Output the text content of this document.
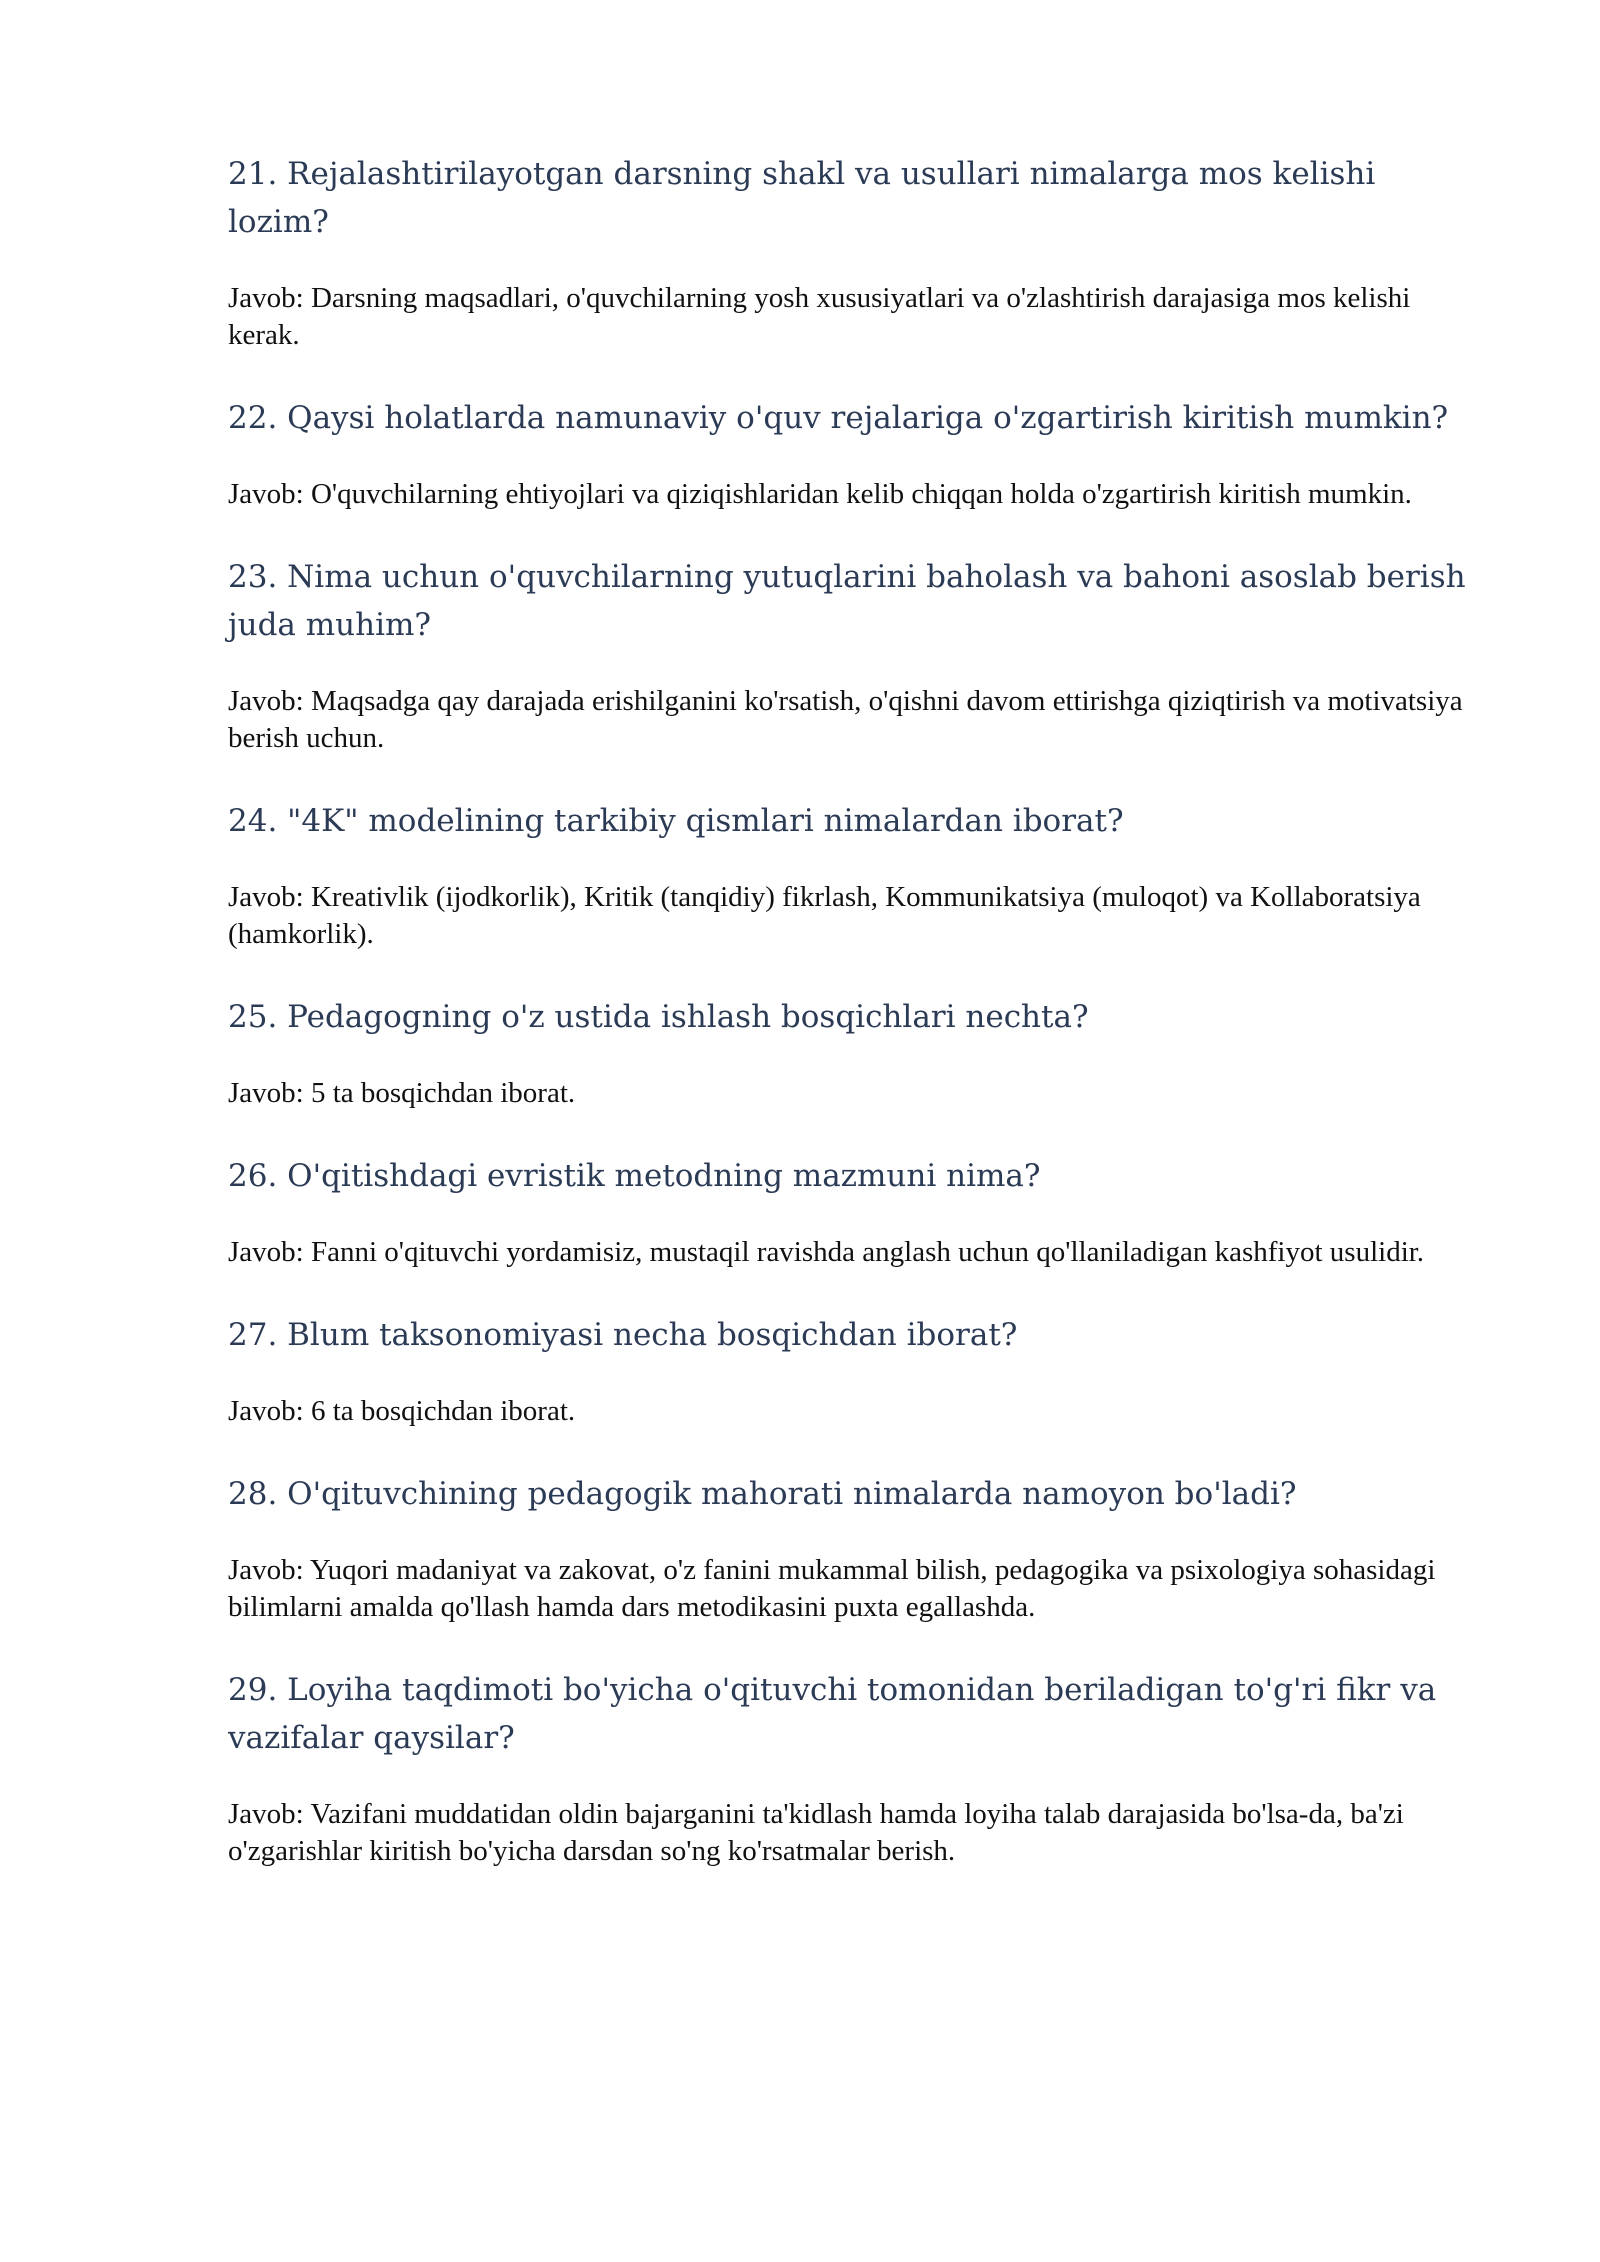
21. Rejalashtirilayotgan darsning shakl va usullari nimalarga mos kelishi lozim?

Javob: Darsning maqsadlari, o'quvchilarning yosh xususiyatlari va o'zlashtirish darajasiga mos kelishi kerak.

22. Qaysi holatlarda namunaviy o'quv rejalariga o'zgartirish kiritish mumkin?

Javob: O'quvchilarning ehtiyojlari va qiziqishlaridan kelib chiqqan holda o'zgartirish kiritish mumkin.

23. Nima uchun o'quvchilarning yutuqlarini baholash va bahoni asoslab berish juda muhim?

Javob: Maqsadga qay darajada erishilganini ko'rsatish, o'qishni davom ettirishga qiziqtirish va motivatsiya berish uchun.

24. "4K" modelining tarkibiy qismlari nimalardan iborat?

Javob: Kreativlik (ijodkorlik), Kritik (tanqidiy) fikrlash, Kommunikatsiya (muloqot) va Kollaboratsiya (hamkorlik).

25. Pedagogning o'z ustida ishlash bosqichlari nechta?

Javob: 5 ta bosqichdan iborat.

26. O'qitishdagi evristik metodning mazmuni nima?

Javob: Fanni o'qituvchi yordamisiz, mustaqil ravishda anglash uchun qo'llaniladigan kashfiyot usulidir.

27. Blum taksonomiyasi necha bosqichdan iborat?

Javob: 6 ta bosqichdan iborat.

28. O'qituvchining pedagogik mahorati nimalarda namoyon bo'ladi?

Javob: Yuqori madaniyat va zakovat, o'z fanini mukammal bilish, pedagogika va psixologiya sohasidagi bilimlarni amalda qo'llash hamda dars metodikasini puxta egallashda.

29. Loyiha taqdimoti bo'yicha o'qituvchi tomonidan beriladigan to'g'ri fikr va vazifalar qaysilar?

Javob: Vazifani muddatidan oldin bajarganini ta'kidlash hamda loyiha talab darajasida bo'lsa-da, ba'zi o'zgarishlar kiritish bo'yicha darsdan so'ng ko'rsatmalar berish.
